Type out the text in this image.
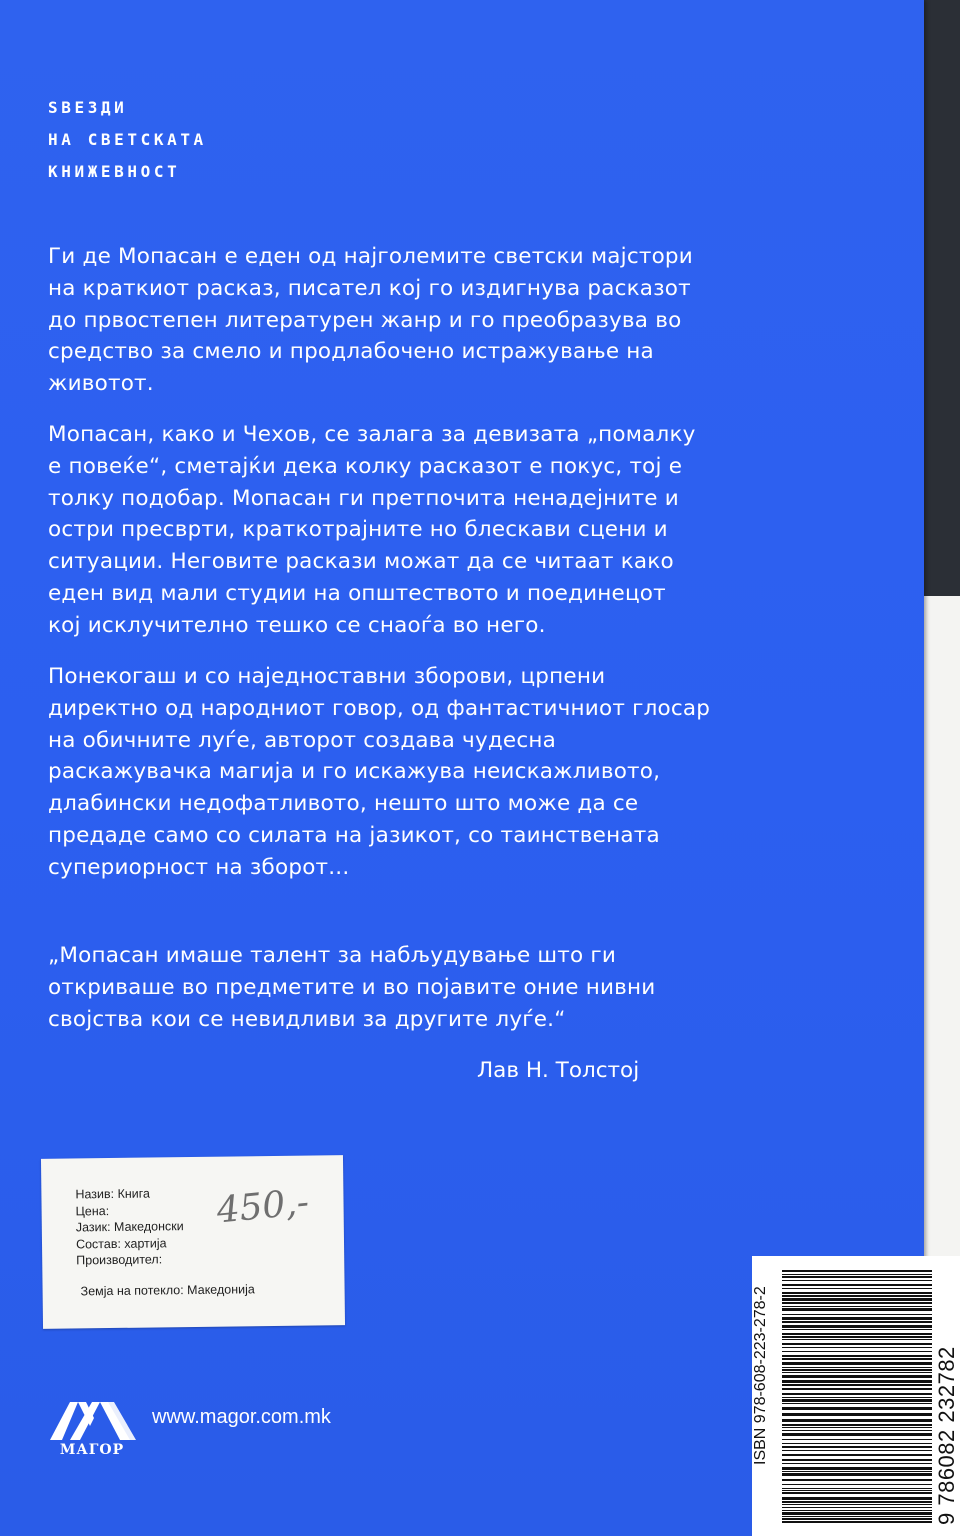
ЅВЕЗДИ
НА СВЕТСКАТА
КНИЖЕВНОСТ
Ги де Мопасан е еден од најголемите светски мајстори
на краткиот расказ, писател кој го издигнува расказот
до првостепен литературен жанр и го преобразува во
средство за смело и продлабочено истражување на
животот.
Мопасан, како и Чехов, се залага за девизата „помалку
е повеќе“, сметајќи дека колку расказот е покус, тој е
толку подобар. Мопасан ги претпочита ненадејните и
остри пресврти, краткотрајните но блескави сцени и
ситуации. Неговите раскази можат да се читаат како
еден вид мали студии на општеството и поединецот
кој исклучително тешко се снаоѓа во него.
Понекогаш и со наједноставни зборови, црпени
директно од народниот говор, од фантастичниот глосар
на обичните луѓе, авторот создава чудесна
раскажувачка магија и го искажува неискажливото,
длабински недофатливото, нешто што може да се
предаде само со силата на јазикот, со таинствената
супериорност на зборот...
„Мопасан имаше талент за набљудување што ги
откриваше во предметите и во појавите оние нивни
својства кои се невидливи за другите луѓе.“
Лав Н. Толстој
Назив: Книга
Цена:
Јазик: Македонски
Состав: хартија
Производител:
Земја на потекло: Македонија
450,-
МАГОР
www.magor.com.mk	ISBN 978-608-223-278-2	9 786082 232782
